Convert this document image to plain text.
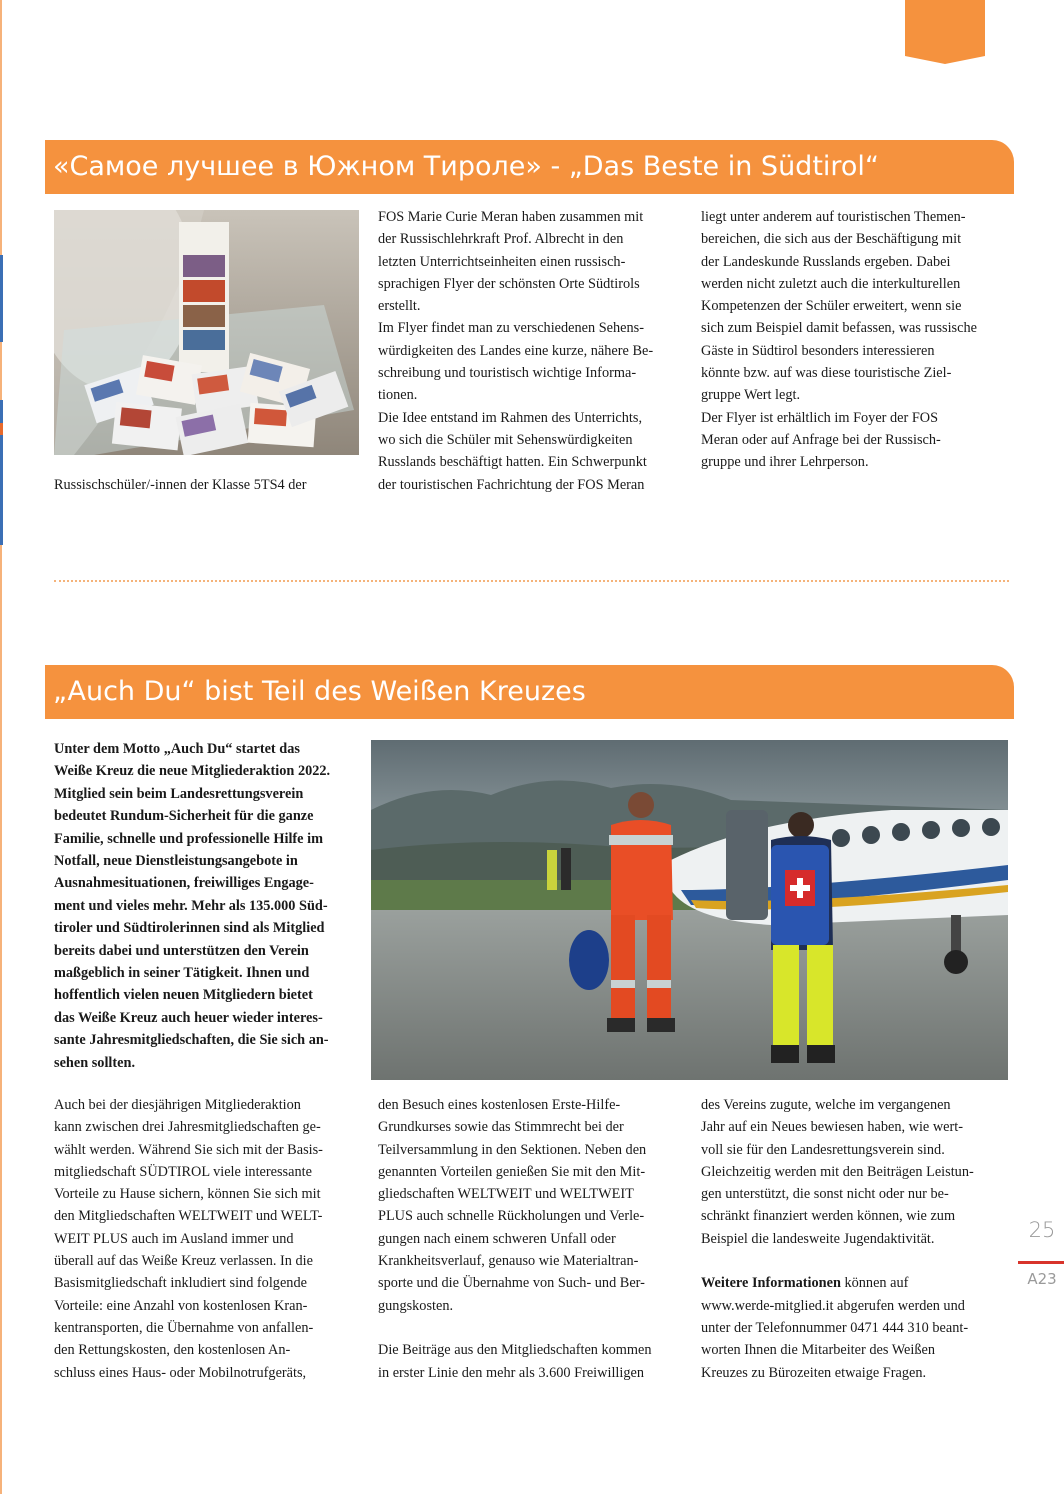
«Самое лучшее в Южном Тироле» - „Das Beste in Südtirol“

Russischschüler/-innen der Klasse 5TS4 der

FOS Marie Curie Meran haben zusammen mit

der Russischlehrkraft Prof. Albrecht in den

letzten Unterrichtseinheiten einen russisch-

sprachigen Flyer der schönsten Orte Südtirols

erstellt.

Im Flyer findet man zu verschiedenen Sehens-

würdigkeiten des Landes eine kurze, nähere Be-

schreibung und touristisch wichtige Informa-

tionen.

Die Idee entstand im Rahmen des Unterrichts,

wo sich die Schüler mit Sehenswürdigkeiten

Russlands beschäftigt hatten. Ein Schwerpunkt

der touristischen Fachrichtung der FOS Meran

liegt unter anderem auf touristischen Themen-

bereichen, die sich aus der Beschäftigung mit

der Landeskunde Russlands ergeben. Dabei

werden nicht zuletzt auch die interkulturellen

Kompetenzen der Schüler erweitert, wenn sie

sich zum Beispiel damit befassen, was russische

Gäste in Südtirol besonders interessieren

könnte bzw. auf was diese touristische Ziel-

gruppe Wert legt.

Der Flyer ist erhältlich im Foyer der FOS

Meran oder auf Anfrage bei der Russisch-

gruppe und ihrer Lehrperson.

„Auch Du“ bist Teil des Weißen Kreuzes
Unter dem Motto „Auch Du“ startet das
Weiße Kreuz die neue Mitgliederaktion 2022.
Mitglied sein beim Landesrettungsverein
bedeutet Rundum-Sicherheit für die ganze
Familie, schnelle und professionelle Hilfe im
Notfall, neue Dienstleistungsangebote in
Ausnahmesituationen, freiwilliges Engage-
ment und vieles mehr. Mehr als 135.000 Süd-
tiroler und Südtirolerinnen sind als Mitglied
bereits dabei und unterstützen den Verein
maßgeblich in seiner Tätigkeit. Ihnen und
hoffentlich vielen neuen Mitgliedern bietet
das Weiße Kreuz auch heuer wieder interes-
sante Jahresmitgliedschaften, die Sie sich an-
sehen sollten.

Auch bei der diesjährigen Mitgliederaktion

kann zwischen drei Jahresmitgliedschaften ge-

wählt werden. Während Sie sich mit der Basis-

mitgliedschaft SÜDTIROL viele interessante

Vorteile zu Hause sichern, können Sie sich mit

den Mitgliedschaften WELTWEIT und WELT-

WEIT PLUS auch im Ausland immer und

überall auf das Weiße Kreuz verlassen. In die

Basismitgliedschaft inkludiert sind folgende

Vorteile: eine Anzahl von kostenlosen Kran-

kentransporten, die Übernahme von anfallen-

den Rettungskosten, den kostenlosen An-

schluss eines Haus- oder Mobilnotrufgeräts,

den Besuch eines kostenlosen Erste-Hilfe-

Grundkurses sowie das Stimmrecht bei der

Teilversammlung in den Sektionen. Neben den

genannten Vorteilen genießen Sie mit den Mit-

gliedschaften WELTWEIT und WELTWEIT

PLUS auch schnelle Rückholungen und Verle-

gungen nach einem schweren Unfall oder

Krankheitsverlauf, genauso wie Materialtran-

sporte und die Übernahme von Such- und Ber-

gungskosten.

Die Beiträge aus den Mitgliedschaften kommen

in erster Linie den mehr als 3.600 Freiwilligen

des Vereins zugute, welche im vergangenen

Jahr auf ein Neues bewiesen haben, wie wert-

voll sie für den Landesrettungsverein sind.

Gleichzeitig werden mit den Beiträgen Leistun-

gen unterstützt, die sonst nicht oder nur be-

schränkt finanziert werden können, wie zum

Beispiel die landesweite Jugendaktivität.

Weitere Informationen können auf

www.werde-mitglied.it abgerufen werden und

unter der Telefonnummer 0471 444 310 beant-

worten Ihnen die Mitarbeiter des Weißen

Kreuzes zu Bürozeiten etwaige Fragen.

25
A23
